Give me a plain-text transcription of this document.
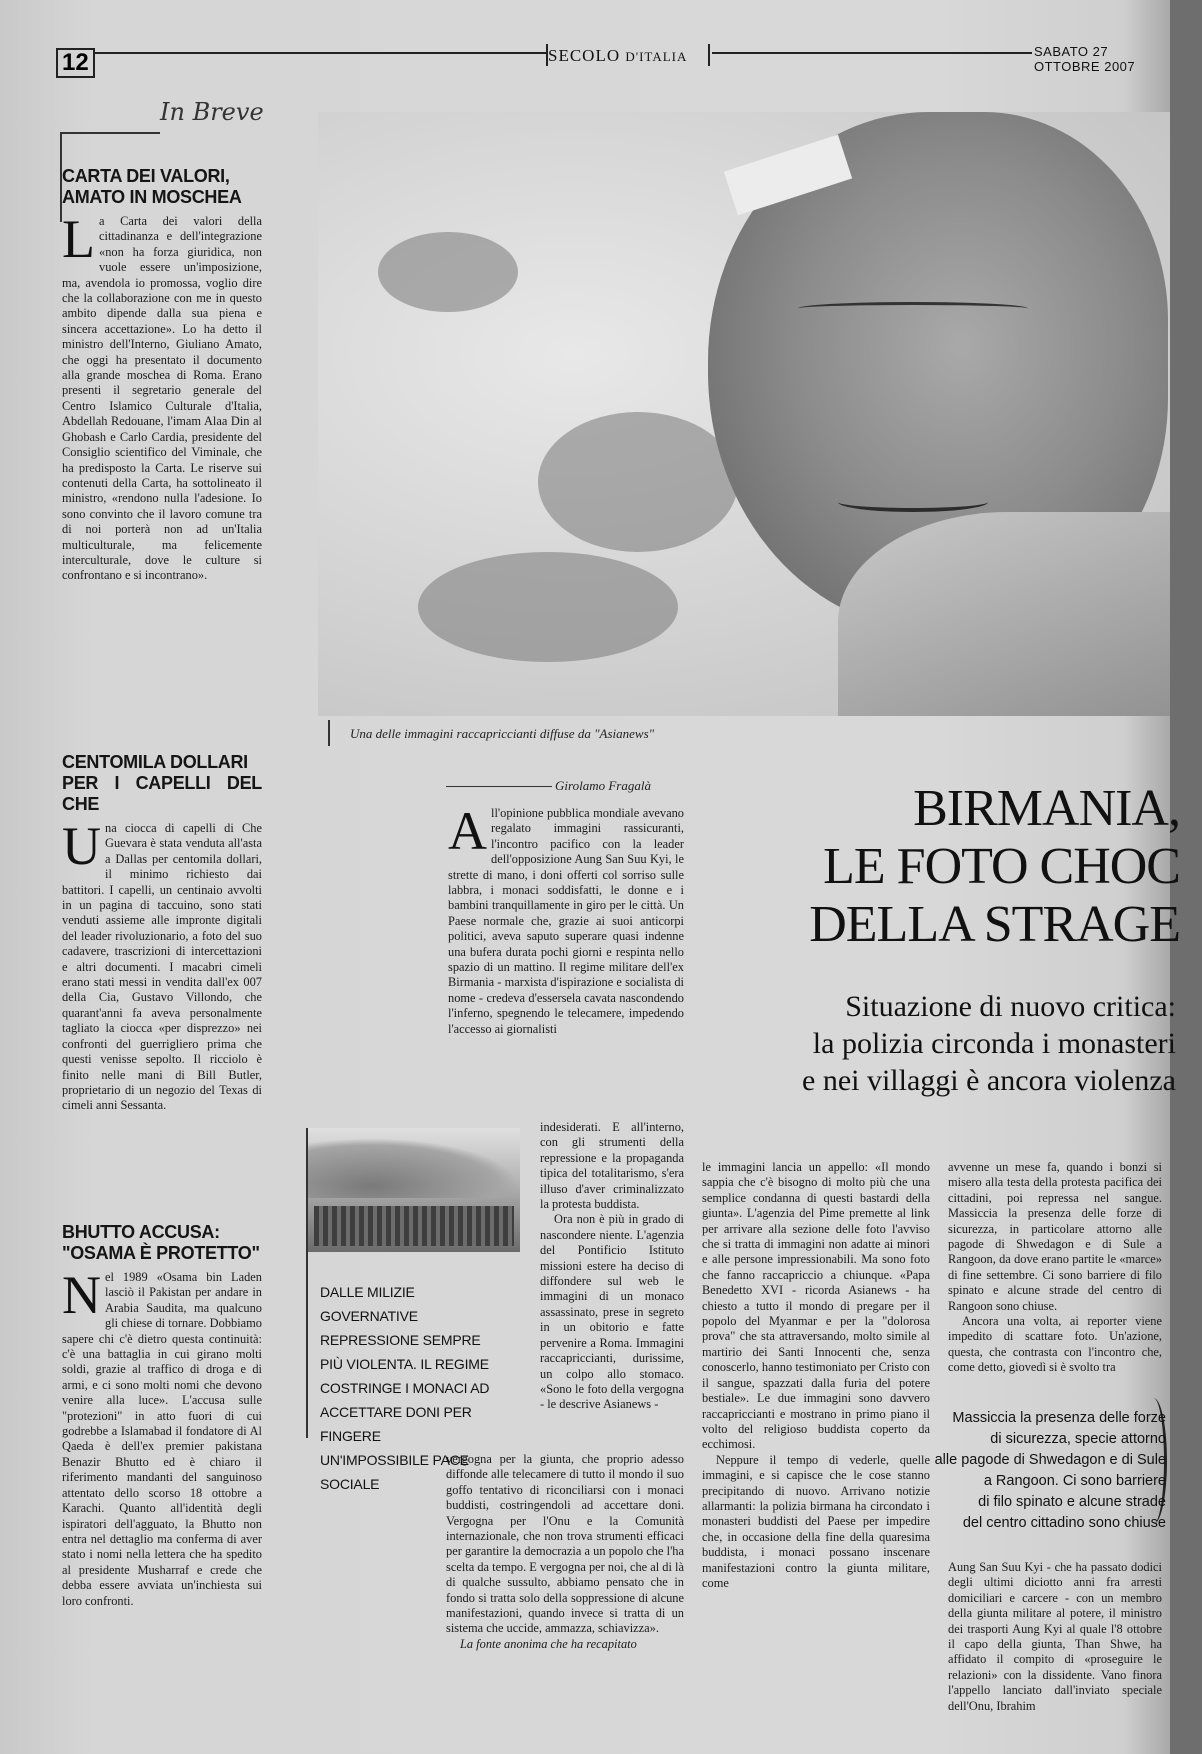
12	SECOLO D'ITALIA	SABATO 27 OTTOBRE 2007
In Breve
Una delle immagini raccapriccianti diffuse da "Asianews"
CARTA DEI VALORI,
AMATO IN MOSCHEA

L a Carta dei valori della cittadinanza e dell'integrazione «non ha forza giuridica, non vuole essere un'imposizione, ma, avendola io promossa, voglio dire che la collaborazione con me in questo ambito dipende dalla sua piena e sincera accettazione». Lo ha detto il ministro dell'Interno, Giuliano Amato, che oggi ha presentato il documento alla grande moschea di Roma. Erano presenti il segretario generale del Centro Islamico Culturale d'Italia, Abdellah Redouane, l'imam Alaa Din al Ghobash e Carlo Cardia, presidente del Consiglio scientifico del Viminale, che ha predisposto la Carta. Le riserve sui contenuti della Carta, ha sottolineato il ministro, «rendono nulla l'adesione. Io sono convinto che il lavoro comune tra di noi porterà non ad un'Italia multiculturale, ma felicemente interculturale, dove le culture si confrontano e si incontrano».

CENTOMILA DOLLARI
PER I CAPELLI DEL CHE

U na ciocca di capelli di Che Guevara è stata venduta all'asta a Dallas per centomila dollari, il minimo richiesto dai battitori. I capelli, un centinaio avvolti in un pagina di taccuino, sono stati venduti assieme alle impronte digitali del leader rivoluzionario, a foto del suo cadavere, trascrizioni di intercettazioni e altri documenti. I macabri cimeli erano stati messi in vendita dall'ex 007 della Cia, Gustavo Villondo, che quarant'anni fa aveva personalmente tagliato la ciocca «per disprezzo» nei confronti del guerrigliero prima che questi venisse sepolto. Il ricciolo è finito nelle mani di Bill Butler, proprietario di un negozio del Texas di cimeli anni Sessanta.

BHUTTO ACCUSA:
"OSAMA È PROTETTO"

N el 1989 «Osama bin Laden lasciò il Pakistan per andare in Arabia Saudita, ma qualcuno gli chiese di tornare. Dobbiamo sapere chi c'è dietro questa continuità: c'è una battaglia in cui girano molti soldi, grazie al traffico di droga e di armi, e ci sono molti nomi che devono venire alla luce». L'accusa sulle "protezioni" in atto fuori di cui godrebbe a Islamabad il fondatore di Al Qaeda è dell'ex premier pakistana Benazir Bhutto ed è chiaro il riferimento mandanti del sanguinoso attentato dello scorso 18 ottobre a Karachi. Quanto all'identità degli ispiratori dell'agguato, la Bhutto non entra nel dettaglio ma conferma di aver stato i nomi nella lettera che ha spedito al presidente Musharraf e crede che debba essere avviata un'inchiesta sui loro confronti.

Girolamo Fragalà	BIRMANIA,
LE FOTO CHOC
DELLA STRAGE
Situazione di nuovo critica:
la polizia circonda i monasteri
e nei villaggi è ancora violenza

A ll'opinione pubblica mondiale avevano regalato immagini rassicuranti, l'incontro pacifico con la leader dell'opposizione Aung San Suu Kyi, le strette di mano, i doni offerti col sorriso sulle labbra, i monaci soddisfatti, le donne e i bambini tranquillamente in giro per le città. Un Paese normale che, grazie ai suoi anticorpi politici, aveva saputo superare quasi indenne una bufera durata pochi giorni e respinta nello spazio di un mattino. Il regime militare dell'ex Birmania - marxista d'ispirazione e socialista di nome - credeva d'essersela cavata nascondendo l'inferno, spegnendo le telecamere, impedendo l'accesso ai giornalisti

indesiderati. E all'interno, con gli strumenti della repressione e la propaganda tipica del totalitarismo, s'era illuso d'aver criminalizzato la protesta buddista.

Ora non è più in grado di nascondere niente. L'agenzia del Pontificio Istituto missioni estere ha deciso di diffondere sul web le immagini di un monaco assassinato, prese in segreto in un obitorio e fatte pervenire a Roma. Immagini raccapriccianti, durissime, un colpo allo stomaco. «Sono le foto della vergogna - le descrive Asianews -

vergogna per la giunta, che proprio adesso diffonde alle telecamere di tutto il mondo il suo goffo tentativo di riconciliarsi con i monaci buddisti, costringendoli ad accettare doni. Vergogna per l'Onu e la Comunità internazionale, che non trova strumenti efficaci per garantire la democrazia a un popolo che l'ha scelta da tempo. E vergogna per noi, che al di là di qualche sussulto, abbiamo pensato che in fondo si tratta solo della soppressione di alcune manifestazioni, quando invece si tratta di un sistema che uccide, ammazza, schiavizza».

La fonte anonima che ha recapitato

DALLE MILIZIE GOVERNATIVE
REPRESSIONE SEMPRE
PIÙ VIOLENTA. IL REGIME
COSTRINGE I MONACI AD
ACCETTARE DONI PER FINGERE
UN'IMPOSSIBILE PACE SOCIALE

le immagini lancia un appello: «Il mondo sappia che c'è bisogno di molto più che una semplice condanna di questi bastardi della giunta». L'agenzia del Pime premette al link per arrivare alla sezione delle foto l'avviso che si tratta di immagini non adatte ai minori e alle persone impressionabili. Ma sono foto che fanno raccapriccio a chiunque. «Papa Benedetto XVI - ricorda Asianews - ha chiesto a tutto il mondo di pregare per il popolo del Myanmar e per la "dolorosa prova" che sta attraversando, molto simile al martirio dei Santi Innocenti che, senza conoscerlo, hanno testimoniato per Cristo con il sangue, spazzati dalla furia del potere bestiale». Le due immagini sono davvero raccapriccianti e mostrano in primo piano il volto del religioso buddista coperto da ecchimosi.

Neppure il tempo di vederle, quelle immagini, e si capisce che le cose stanno precipitando di nuovo. Arrivano notizie allarmanti: la polizia birmana ha circondato i monasteri buddisti del Paese per impedire che, in occasione della fine della quaresima buddista, i monaci possano inscenare manifestazioni contro la giunta militare, come

avvenne un mese fa, quando i bonzi si misero alla testa della protesta pacifica dei cittadini, poi repressa nel sangue. Massiccia la presenza delle forze di sicurezza, in particolare attorno alle pagode di Shwedagon e di Sule a Rangoon, da dove erano partite le «marce» di fine settembre. Ci sono barriere di filo spinato e alcune strade del centro di Rangoon sono chiuse.

Ancora una volta, ai reporter viene impedito di scattare foto. Un'azione, questa, che contrasta con l'incontro che, come detto, giovedì si è svolto tra

Aung San Suu Kyi - che ha passato dodici degli ultimi diciotto anni fra arresti domiciliari e carcere - con un membro della giunta militare al potere, il ministro dei trasporti Aung Kyi al quale l'8 ottobre il capo della giunta, Than Shwe, ha affidato il compito di «proseguire le relazioni» con la dissidente. Vano finora l'appello lanciato dall'inviato speciale dell'Onu, Ibrahim

Massiccia la presenza delle forze
di sicurezza, specie attorno
alle pagode di Shwedagon e di Sule
a Rangoon. Ci sono barriere
di filo spinato e alcune strade
del centro cittadino sono chiuse
